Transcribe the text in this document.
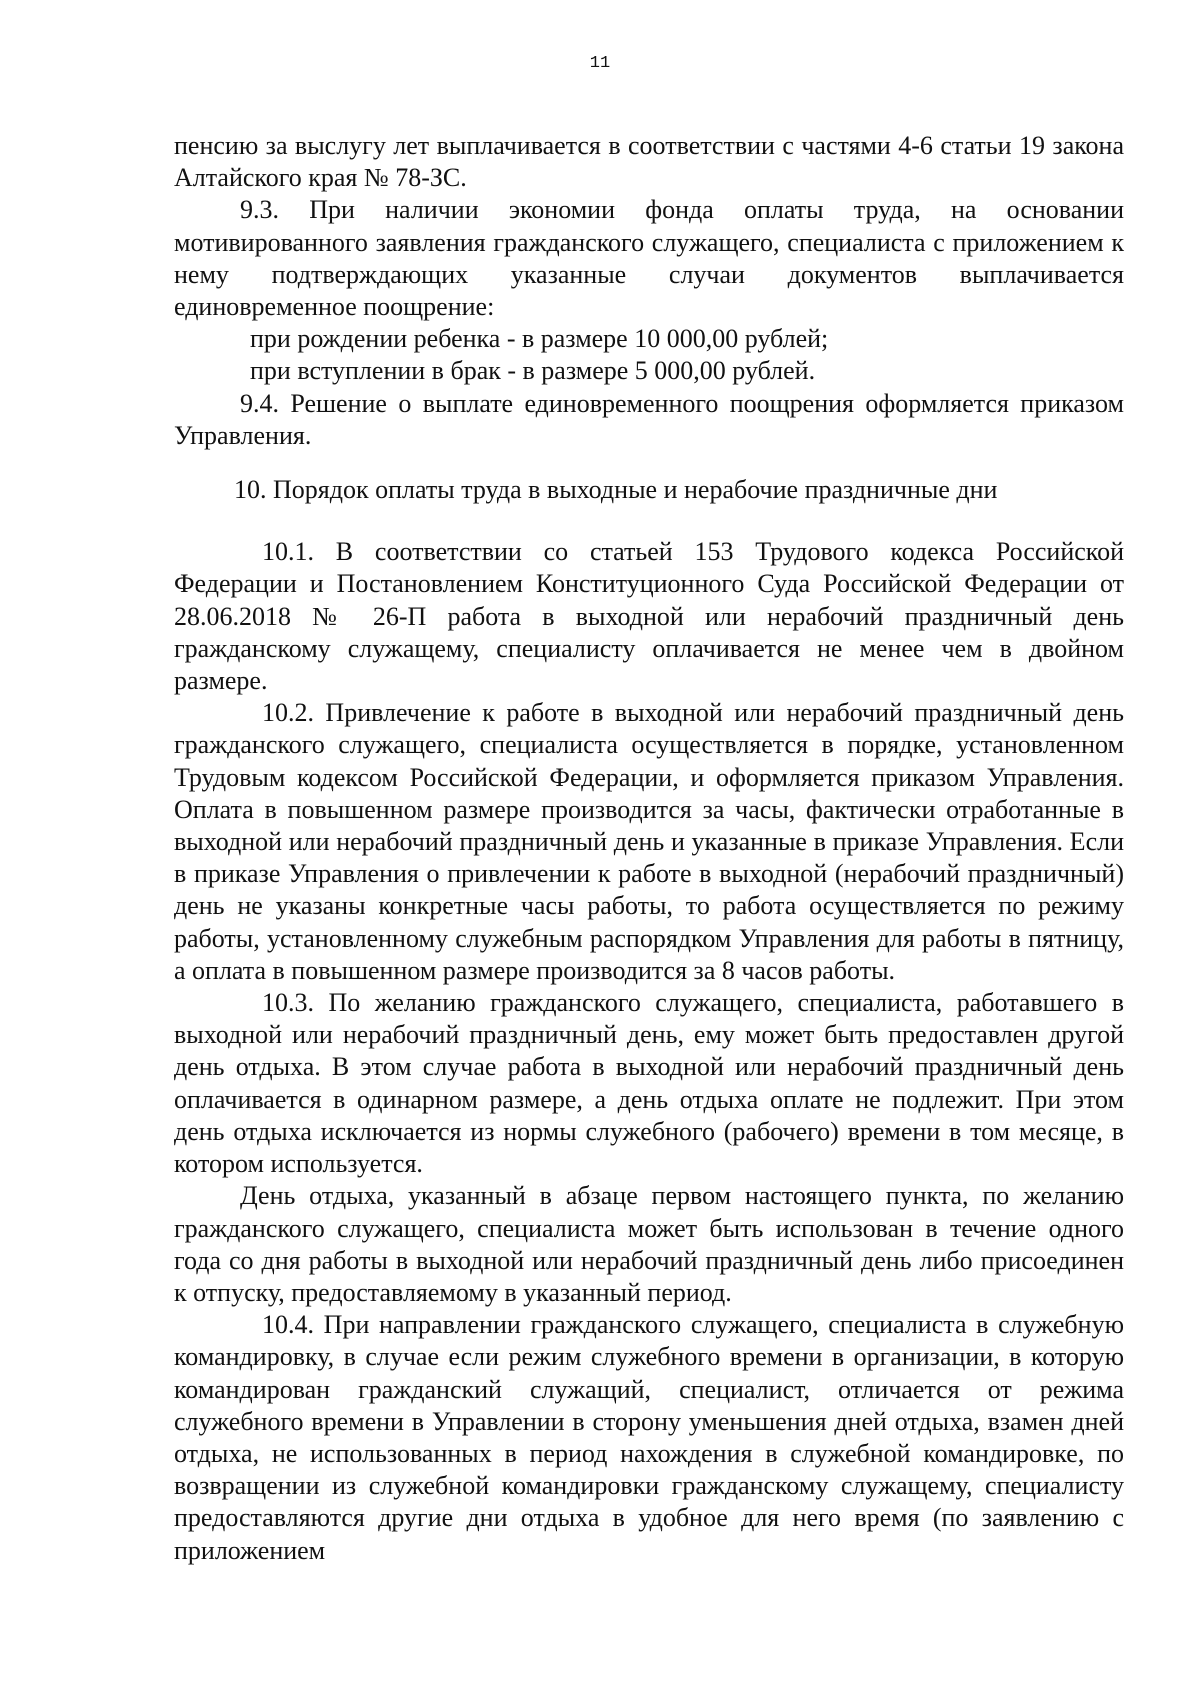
11

пенсию за выслугу лет выплачивается в соответствии с частями 4-6 статьи 19 закона Алтайского края № 78-ЗС.

9.3. При наличии экономии фонда оплаты труда, на основании мотивированного заявления гражданского служащего, специалиста с приложением к нему подтверждающих указанные случаи документов выплачивается единовременное поощрение:

при рождении ребенка - в размере 10 000,00 рублей;

при вступлении в брак - в размере 5 000,00 рублей.

9.4. Решение о выплате единовременного поощрения оформляется приказом Управления.

10. Порядок оплаты труда в выходные и нерабочие праздничные дни

10.1. В соответствии со статьей 153 Трудового кодекса Российской Федерации и Постановлением Конституционного Суда Российской Федерации от 28.06.2018 № 26-П работа в выходной или нерабочий праздничный день гражданскому служащему, специалисту оплачивается не менее чем в двойном размере.

10.2. Привлечение к работе в выходной или нерабочий праздничный день гражданского служащего, специалиста осуществляется в порядке, установленном Трудовым кодексом Российской Федерации, и оформляется приказом Управления. Оплата в повышенном размере производится за часы, фактически отработанные в выходной или нерабочий праздничный день и указанные в приказе Управления. Если в приказе Управления о привлечении к работе в выходной (нерабочий праздничный) день не указаны конкретные часы работы, то работа осуществляется по режиму работы, установленному служебным распорядком Управления для работы в пятницу, а оплата в повышенном размере производится за 8 часов работы.

10.3. По желанию гражданского служащего, специалиста, работавшего в выходной или нерабочий праздничный день, ему может быть предоставлен другой день отдыха. В этом случае работа в выходной или нерабочий праздничный день оплачивается в одинарном размере, а день отдыха оплате не подлежит. При этом день отдыха исключается из нормы служебного (рабочего) времени в том месяце, в котором используется.

День отдыха, указанный в абзаце первом настоящего пункта, по желанию гражданского служащего, специалиста может быть использован в течение одного года со дня работы в выходной или нерабочий праздничный день либо присоединен к отпуску, предоставляемому в указанный период.

10.4. При направлении гражданского служащего, специалиста в служебную командировку, в случае если режим служебного времени в организации, в которую командирован гражданский служащий, специалист, отличается от режима служебного времени в Управлении в сторону уменьшения дней отдыха, взамен дней отдыха, не использованных в период нахождения в служебной командировке, по возвращении из служебной командировки гражданскому служащему, специалисту предоставляются другие дни отдыха в удобное для него время (по заявлению с приложением
